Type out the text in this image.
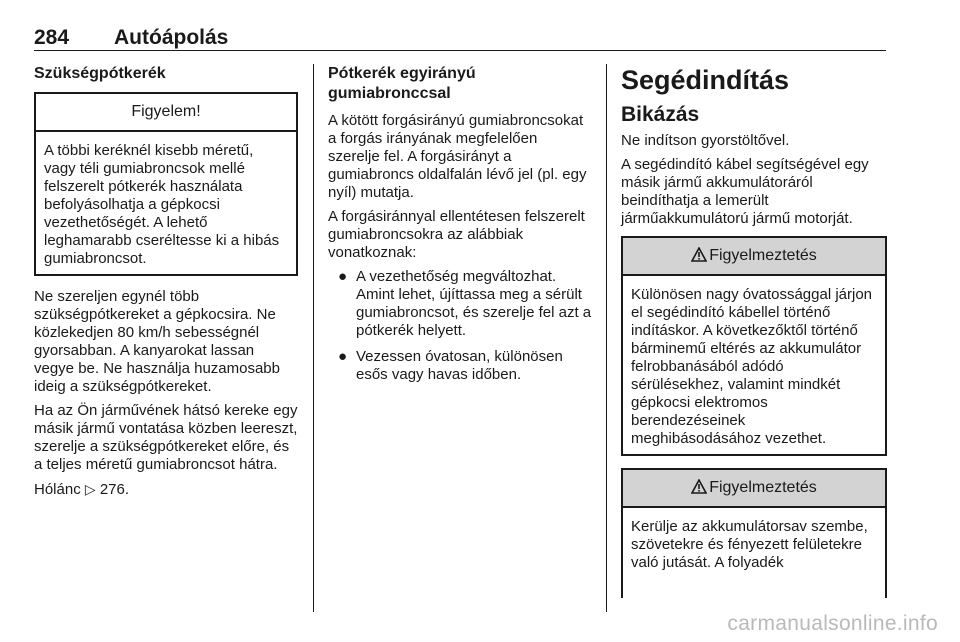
284 Autóápolás
Szükségpótkerék
Figyelem!

A többi keréknél kisebb méretű, vagy téli gumiabroncsok mellé felszerelt pótkerék használata befolyásolhatja a gépkocsi vezethetőségét. A lehető leghamarabb cseréltesse ki a hibás gumiabroncsot.

Ne szereljen egynél több szükségpótkereket a gépkocsira. Ne közlekedjen 80 km/h sebességnél gyorsabban. A kanyarokat lassan vegye be. Ne használja huzamosabb ideig a szükségpótkereket.

Ha az Ön járművének hátsó kereke egy másik jármű vontatása közben leereszt, szerelje a szükségpótkereket előre, és a teljes méretű gumiabroncsot hátra.

Hólánc ▷ 276.

Pótkerék egyirányú gumiabronccsal

A kötött forgásirányú gumiabroncsokat a forgás irányának megfelelően szerelje fel. A forgásirányt a gumiabroncs oldalfalán lévő jel (pl. egy nyíl) mutatja.

A forgásiránnyal ellentétesen felszerelt gumiabroncsokra az alábbiak vonatkoznak:

● A vezethetőség megváltozhat. Amint lehet, újíttassa meg a sérült gumiabroncsot, és szerelje fel azt a pótkerék helyett.
● Vezessen óvatosan, különösen esős vagy havas időben.
Segédindítás
Bikázás

Ne indítson gyorstöltővel.

A segédindító kábel segítségével egy másik jármű akkumulátoráról beindíthatja a lemerült járműakkumulátorú jármű motorját.

Figyelmeztetés

Különösen nagy óvatossággal járjon el segédindító kábellel történő indításkor. A következőktől történő bárminemű eltérés az akkumulátor felrobbanásából adódó sérülésekhez, valamint mindkét gépkocsi elektromos berendezéseinek meghibásodásához vezethet.

Figyelmeztetés

Kerülje az akkumulátorsav szembe, szövetekre és fényezett felületekre való jutását. A folyadék

carmanualsonline.info
